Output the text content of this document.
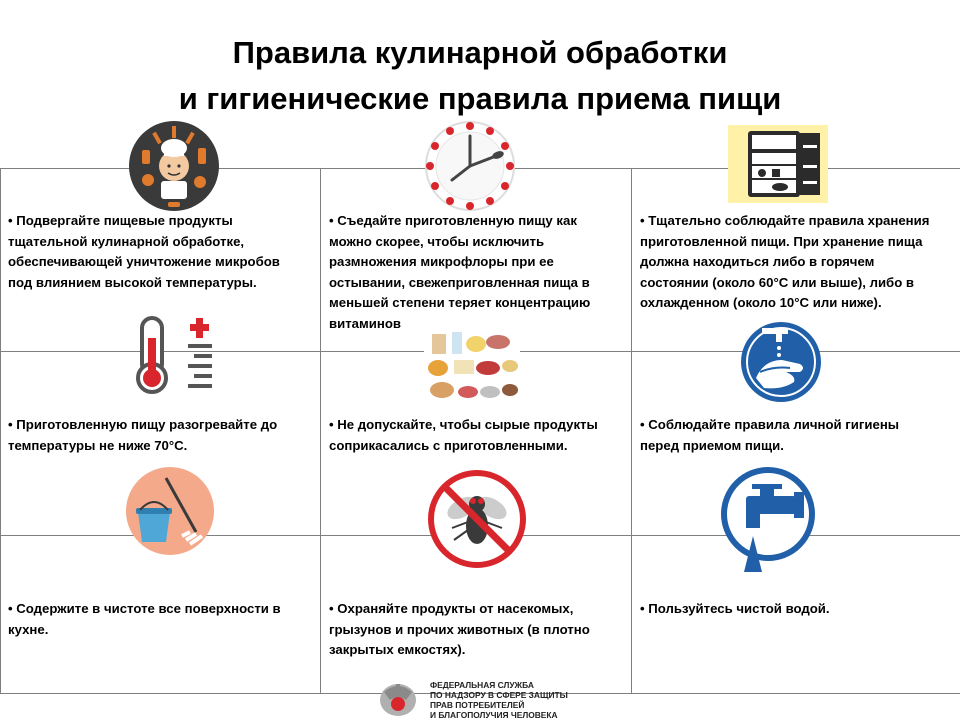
Правила кулинарной обработки
и гигиенические правила приема пищи
• Подвергайте пищевые продукты
тщательной кулинарной обработке,
обеспечивающей уничтожение микробов
под влиянием высокой температуры.
• Съедайте приготовленную пищу как
можно скорее, чтобы исключить
размножения микрофлоры при ее
остывании, свежеприговленная пища в
меньшей степени теряет концентрацию
витаминов
• Тщательно соблюдайте правила хранения
приготовленной пищи. При хранение пища
должна находиться либо в горячем
состоянии (около 60°С или выше), либо в
охлажденном (около 10°С или ниже).
• Приготовленную пищу разогревайте до
температуры не ниже 70°С.
• Не допускайте, чтобы сырые продукты
соприкасались с приготовленными.
• Соблюдайте правила личной гигиены
перед приемом пищи.
• Содержите в чистоте все поверхности в
кухне.
• Охраняйте продукты от насекомых,
грызунов и прочих животных (в плотно
закрытых емкостях).
• Пользуйтесь чистой водой.
ФЕДЕРАЛЬНАЯ СЛУЖБА
ПО НАДЗОРУ В СФЕРЕ ЗАЩИТЫ
ПРАВ ПОТРЕБИТЕЛЕЙ
И БЛАГОПОЛУЧИЯ ЧЕЛОВЕКА
